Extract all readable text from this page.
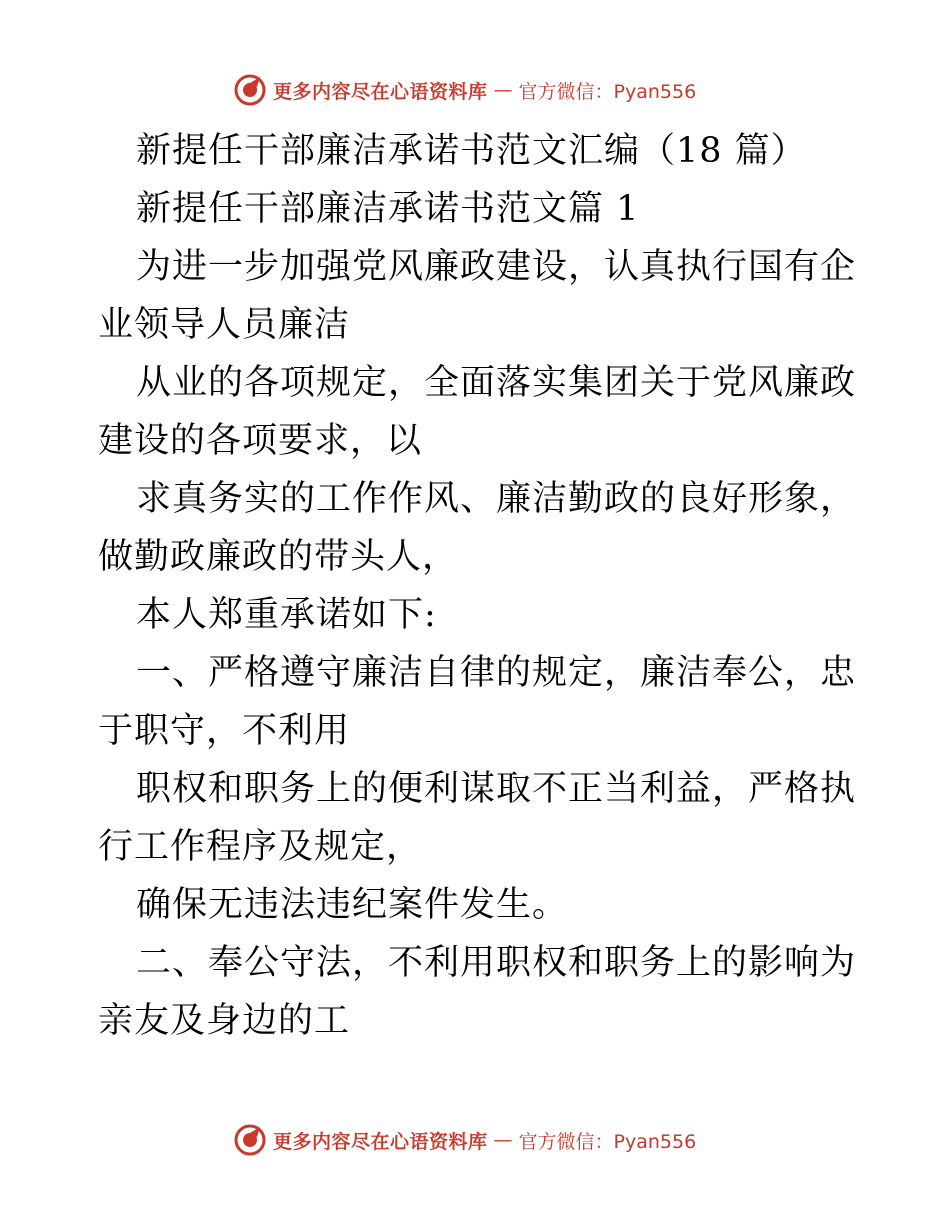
更多内容尽在心语资料库 — 官方微信：Pyan556

新提任干部廉洁承诺书范文汇编（18 篇）

新提任干部廉洁承诺书范文篇 1

为进一步加强党风廉政建设，认真执行国有企业领导人员廉洁

从业的各项规定，全面落实集团关于党风廉政建设的各项要求，以

求真务实的工作作风、廉洁勤政的良好形象，做勤政廉政的带头人，

本人郑重承诺如下:

一、严格遵守廉洁自律的规定，廉洁奉公，忠于职守，不利用

职权和职务上的便利谋取不正当利益，严格执行工作程序及规定，

确保无违法违纪案件发生。

二、奉公守法，不利用职权和职务上的影响为亲友及身边的工

更多内容尽在心语资料库 — 官方微信：Pyan556
